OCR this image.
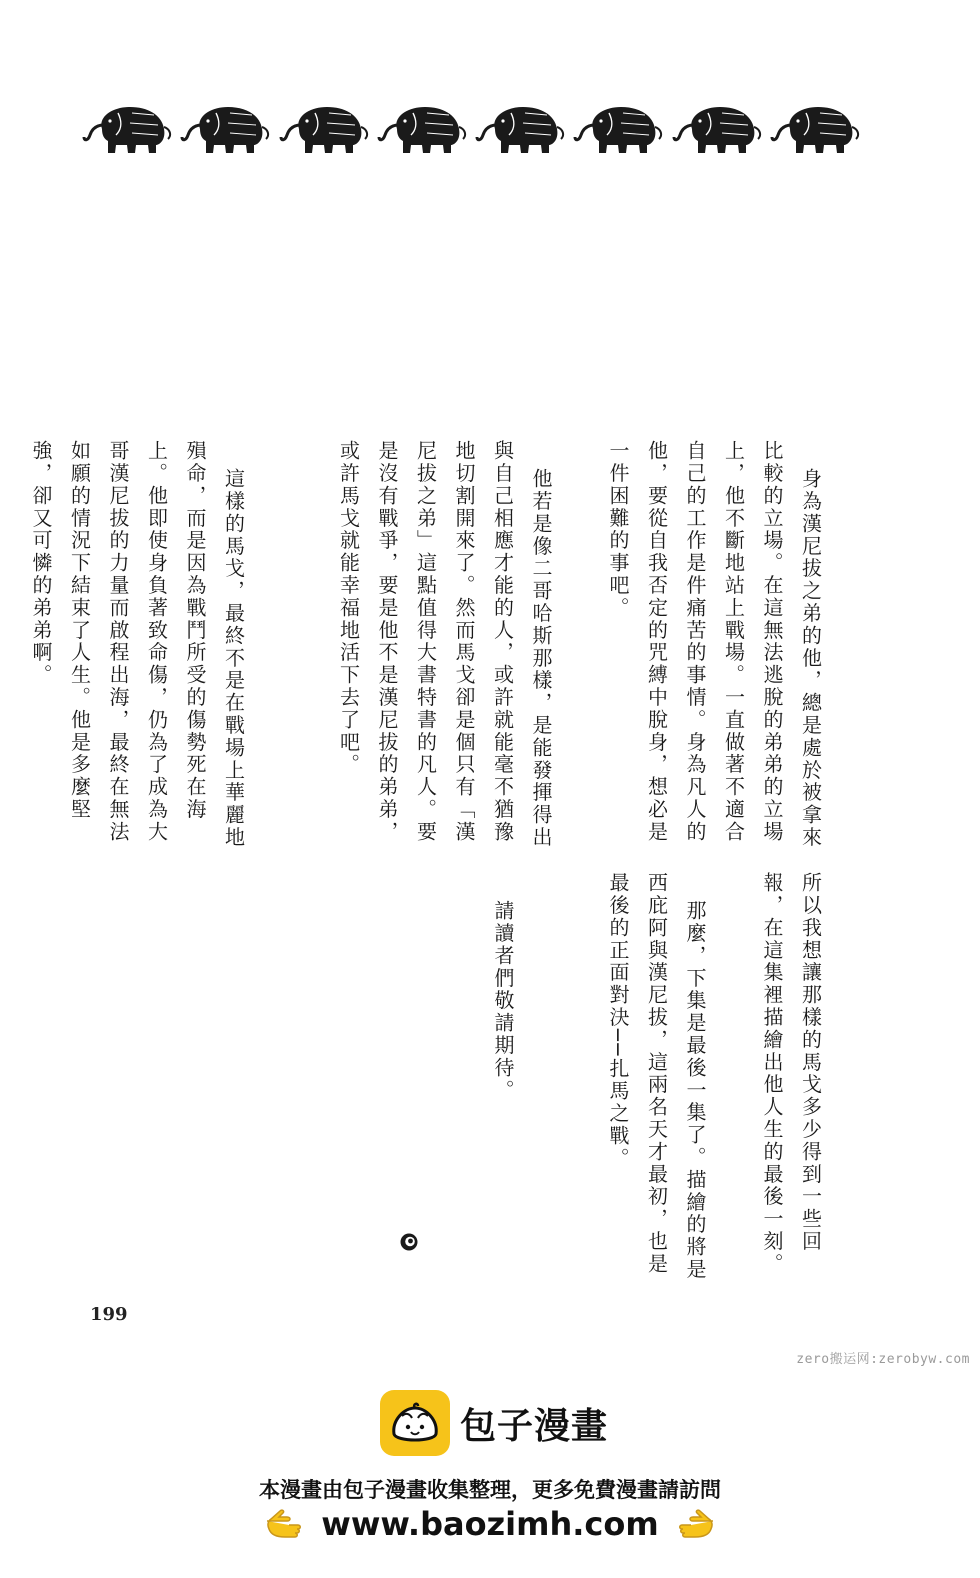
身為漢尼拔之弟的他，總是處於被拿來比較的立場。在這無法逃脫的弟弟的立場上，他不斷地站上戰場。一直做著不適合自己的工作是件痛苦的事情。身為凡人的他，要從自我否定的咒縛中脫身，想必是一件困難的事吧。

他若是像二哥哈斯那樣，是能發揮得出與自己相應才能的人，或許就能毫不猶豫地切割開來了。然而馬戈卻是個只有「漢尼拔之弟」這點值得大書特書的凡人。要是沒有戰爭，要是他不是漢尼拔的弟弟，或許馬戈就能幸福地活下去了吧。

這樣的馬戈，最終不是在戰場上華麗地殞命，而是因為戰鬥所受的傷勢死在海上。他即使身負著致命傷，仍為了成為大哥漢尼拔的力量而啟程出海，最終在無法如願的情況下結束了人生。他是多麼堅強，卻又可憐的弟弟啊。

所以我想讓那樣的馬戈多少得到一些回報，在這集裡描繪出他人生的最後一刻。

那麼，下集是最後一集了。描繪的將是西庇阿與漢尼拔，這兩名天才最初，也是最後的正面對決──扎馬之戰。

請讀者們敬請期待。

199
zero搬运网:zerobyw.com
包子漫畫
本漫畫由包子漫畫收集整理，更多免費漫畫請訪問
www.baozimh.com
